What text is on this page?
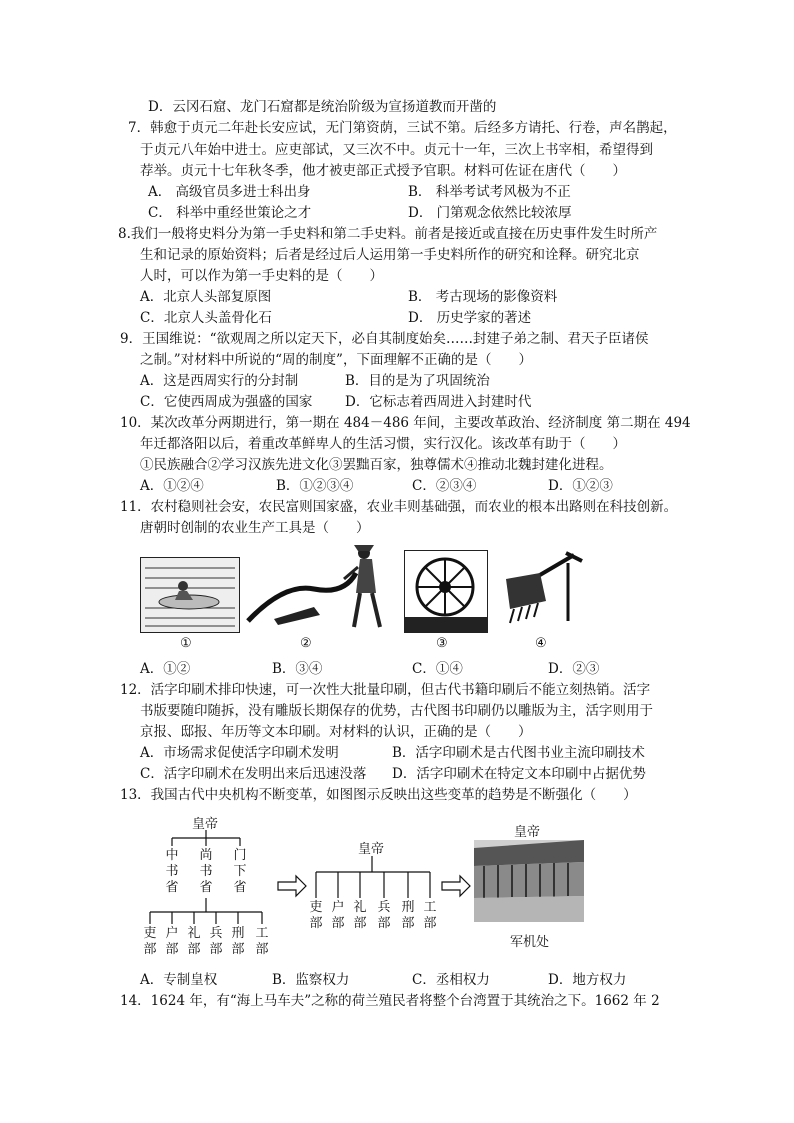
D．云冈石窟、龙门石窟都是统治阶级为宣扬道教而开凿的
7．韩愈于贞元二年赴长安应试，无门第资荫，三试不第。后经多方请托、行卷，声名鹊起，
于贞元八年始中进士。应吏部试，又三次不中。贞元十一年，三次上书宰相，希望得到
荐举。贞元十七年秋冬季，他才被吏部正式授予官职。材料可佐证在唐代（　　）
A． 高级官员多进士科出身	B． 科举考试考风极为不正
C． 科举中重经世策论之才	D． 门第观念依然比较浓厚
8.我们一般将史料分为第一手史料和第二手史料。前者是接近或直接在历史事件发生时所产
生和记录的原始资料；后者是经过后人运用第一手史料所作的研究和诠释。研究北京
人时，可以作为第一手史料的是（　　）
A．北京人头部复原图	B． 考古现场的影像资料
C．北京人头盖骨化石	D． 历史学家的著述
9．王国维说：“欲观周之所以定天下，必自其制度始矣……封建子弟之制、君天子臣诸侯
之制。”对材料中所说的“周的制度”，下面理解不正确的是（　　）
A．这是西周实行的分封制	B．目的是为了巩固统治
C．它使西周成为强盛的国家 D．它标志着西周进入封建时代
10．某次改革分两期进行，第一期在 484－486 年间，主要改革政治、经济制度 第二期在 494
年迁都洛阳以后，着重改革鲜卑人的生活习惯，实行汉化。该改革有助于（　　）
①民族融合②学习汉族先进文化③罢黜百家，独尊儒术④推动北魏封建化进程。
A．①②④	B．①②③④	C．②③④	D．①②③
11．农村稳则社会安，农民富则国家盛，农业丰则基础强，而农业的根本出路则在科技创新。
唐朝时创制的农业生产工具是（　　）
①	②	③	④
A．①②	B．③④	C．①④	D．②③
12．活字印刷术排印快速，可一次性大批量印刷，但古代书籍印刷后不能立刻热销。活字
书版要随印随拆，没有雕版长期保存的优势，古代图书印刷仍以雕版为主，活字则用于
京报、邸报、年历等文本印刷。对材料的认识，正确的是（　　）
A．市场需求促使活字印刷术发明	B．活字印刷术是古代图书业主流印刷技术
C．活字印刷术在发明出来后迅速没落 D．活字印刷术在特定文本印刷中占据优势
13．我国古代中央机构不断变革，如图图示反映出这些变革的趋势是不断强化（　　）
皇帝
中书省
尚书省
门下省
吏部
户部
礼部
兵部
刑部
工部
皇帝
吏部
户部
礼部
兵部
刑部
工部
皇帝
军机处
A．专制皇权	B．监察权力	C．丞相权力	D．地方权力
14．1624 年，有“海上马车夫”之称的荷兰殖民者将整个台湾置于其统治之下。1662 年 2
